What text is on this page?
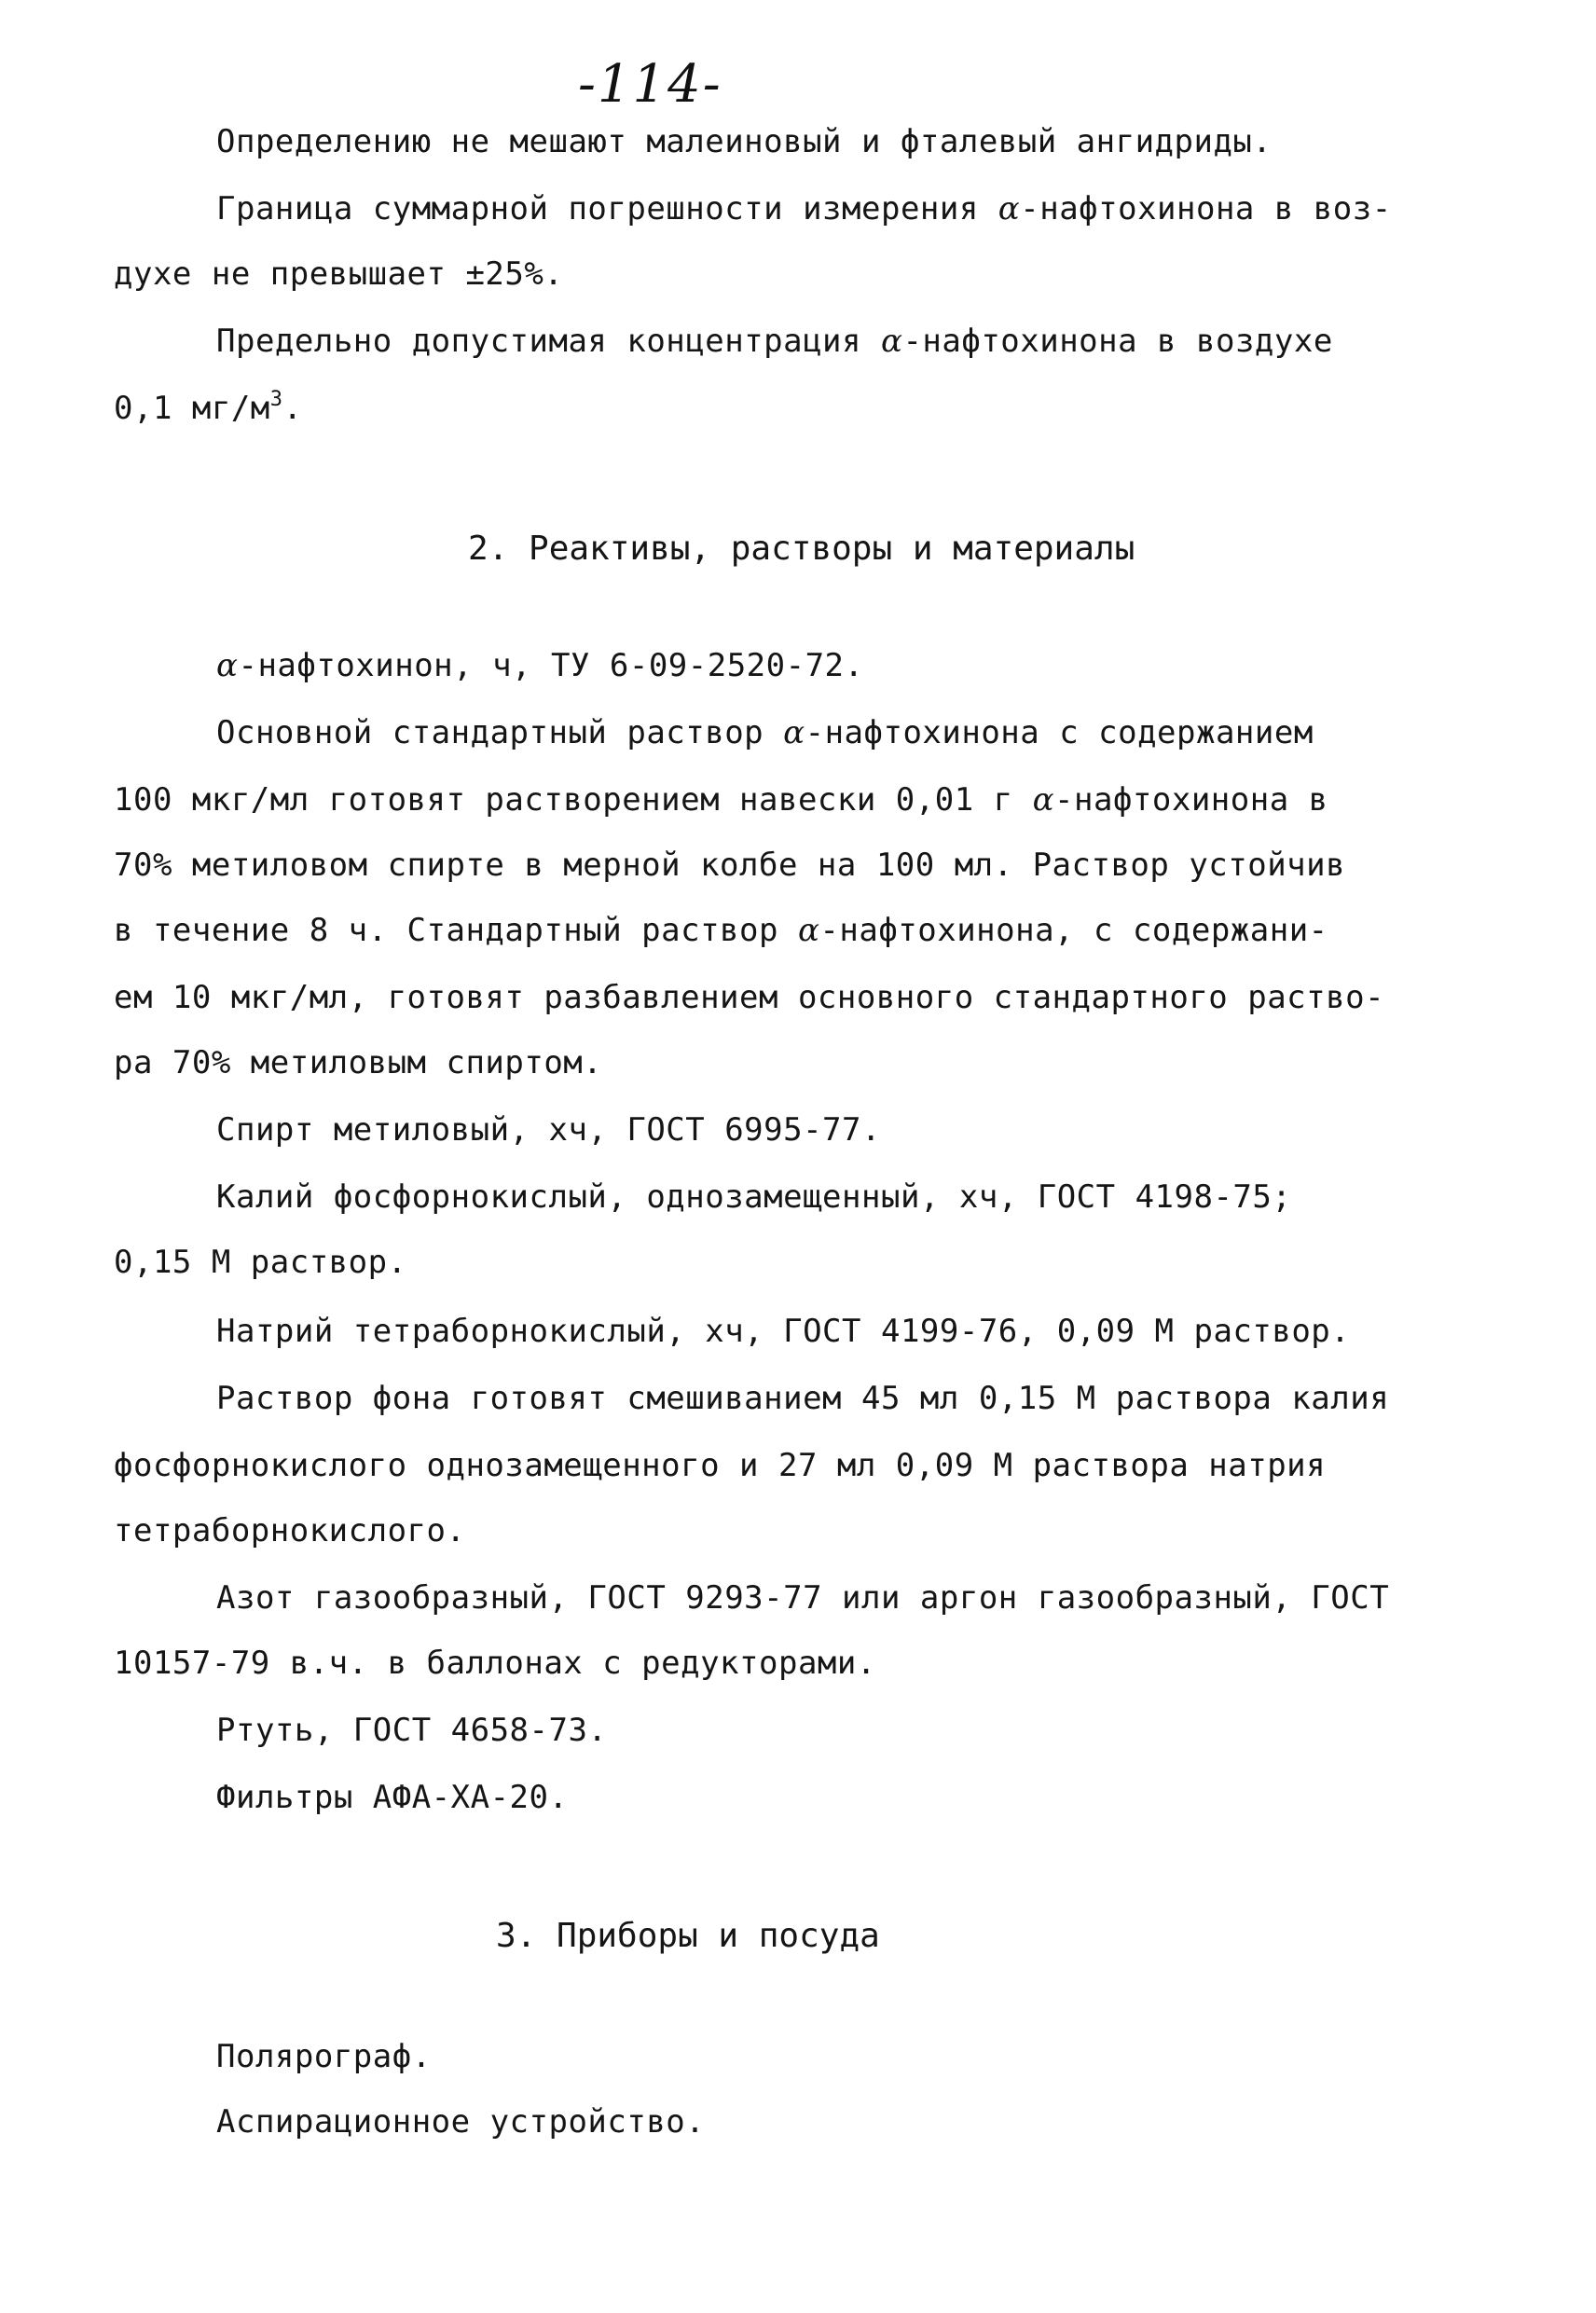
-114-
Определению не мешают малеиновый и фталевый ангидриды.
Граница суммарной погрешности измерения α-нафтохинона в воз-
духе не превышает ±25%.
Предельно допустимая концентрация α-нафтохинона в воздухе
0,1 $мг/м^3$.
2. Реактивы, растворы и материалы
α-нафтохинон, ч, ТУ 6-09-2520-72.
Основной стандартный раствор α-нафтохинона с содержанием
100 мкг/мл готовят растворением навески 0,01 г α-нафтохинона в
70% метиловом спирте в мерной колбе на 100 мл. Раствор устойчив
в течение 8 ч. Стандартный раствор α-нафтохинона, с содержани-
ем 10 мкг/мл, готовят разбавлением основного стандартного раство-
ра 70% метиловым спиртом.
Спирт метиловый, хч, ГОСТ 6995-77.
Калий фосфорнокислый, однозамещенный, хч, ГОСТ 4198-75;
0,15 М раствор.
Натрий тетраборнокислый, хч, ГОСТ 4199-76, 0,09 М раствор.
Раствор фона готовят смешиванием 45 мл 0,15 М раствора калия
фосфорнокислого однозамещенного и 27 мл 0,09 М раствора натрия
тетраборнокислого.
Азот газообразный, ГОСТ 9293-77 или аргон газообразный, ГОСТ
10157-79 в.ч. в баллонах с редукторами.
Ртуть, ГОСТ 4658-73.
Фильтры АФА-ХА-20.
3. Приборы и посуда
Полярограф.
Аспирационное устройство.
